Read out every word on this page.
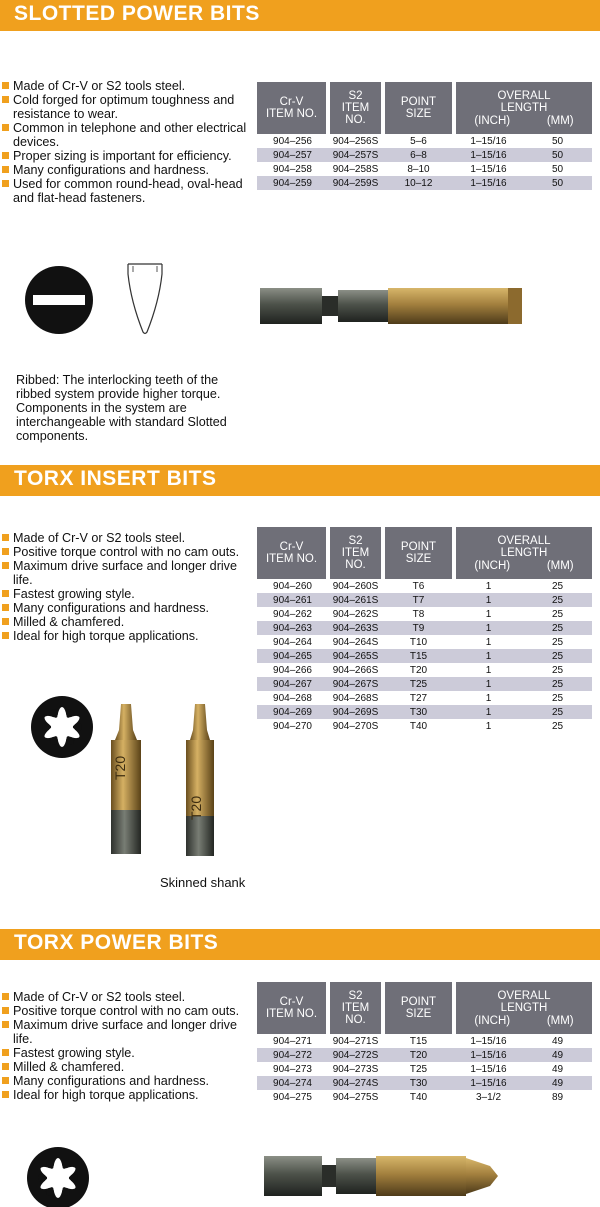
SLOTTED POWER BITS
Made of Cr-V or S2 tools steel.
Cold forged for optimum toughness and resistance to wear.
Common in telephone and other electrical devices.
Proper sizing is important for efficiency.
Many configurations and hardness.
Used for common round-head, oval-head and flat-head fasteners.
Cr-V
ITEM NO.	S2
ITEM NO.	POINT
SIZE	OVERALL
LENGTH
(INCH) (MM)	

904–256	904–256S	5–6	1–15/16	50
904–257	904–257S	6–8	1–15/16	50
904–258	904–258S	8–10	1–15/16	50
904–259	904–259S	10–12	1–15/16	50
Ribbed: The interlocking teeth of the ribbed system provide higher torque. Components in the system are interchangeable with standard Slotted components.
TORX INSERT BITS
Made of Cr-V or S2 tools steel.
Positive torque control with no cam outs.
Maximum drive surface and longer drive life.
Fastest growing style.
Many configurations and hardness.
Milled & chamfered.
Ideal for high torque applications.
Cr-V
ITEM NO.	S2
ITEM NO.	POINT
SIZE	OVERALL
LENGTH
(INCH) (MM)	

904–260	904–260S	T6	1	25
904–261	904–261S	T7	1	25
904–262	904–262S	T8	1	25
904–263	904–263S	T9	1	25
904–264	904–264S	T10	1	25
904–265	904–265S	T15	1	25
904–266	904–266S	T20	1	25
904–267	904–267S	T25	1	25
904–268	904–268S	T27	1	25
904–269	904–269S	T30	1	25
904–270	904–270S	T40	1	25
T20
T20
Skinned shank
TORX POWER BITS
Made of Cr-V or S2 tools steel.
Positive torque control with no cam outs.
Maximum drive surface and longer drive life.
Fastest growing style.
Milled & chamfered.
Many configurations and hardness.
Ideal for high torque applications.
Cr-V
ITEM NO.	S2
ITEM NO.	POINT
SIZE	OVERALL
LENGTH
(INCH) (MM)	

904–271	904–271S	T15	1–15/16	49
904–272	904–272S	T20	1–15/16	49
904–273	904–273S	T25	1–15/16	49
904–274	904–274S	T30	1–15/16	49
904–275	904–275S	T40	3–1/2	89
